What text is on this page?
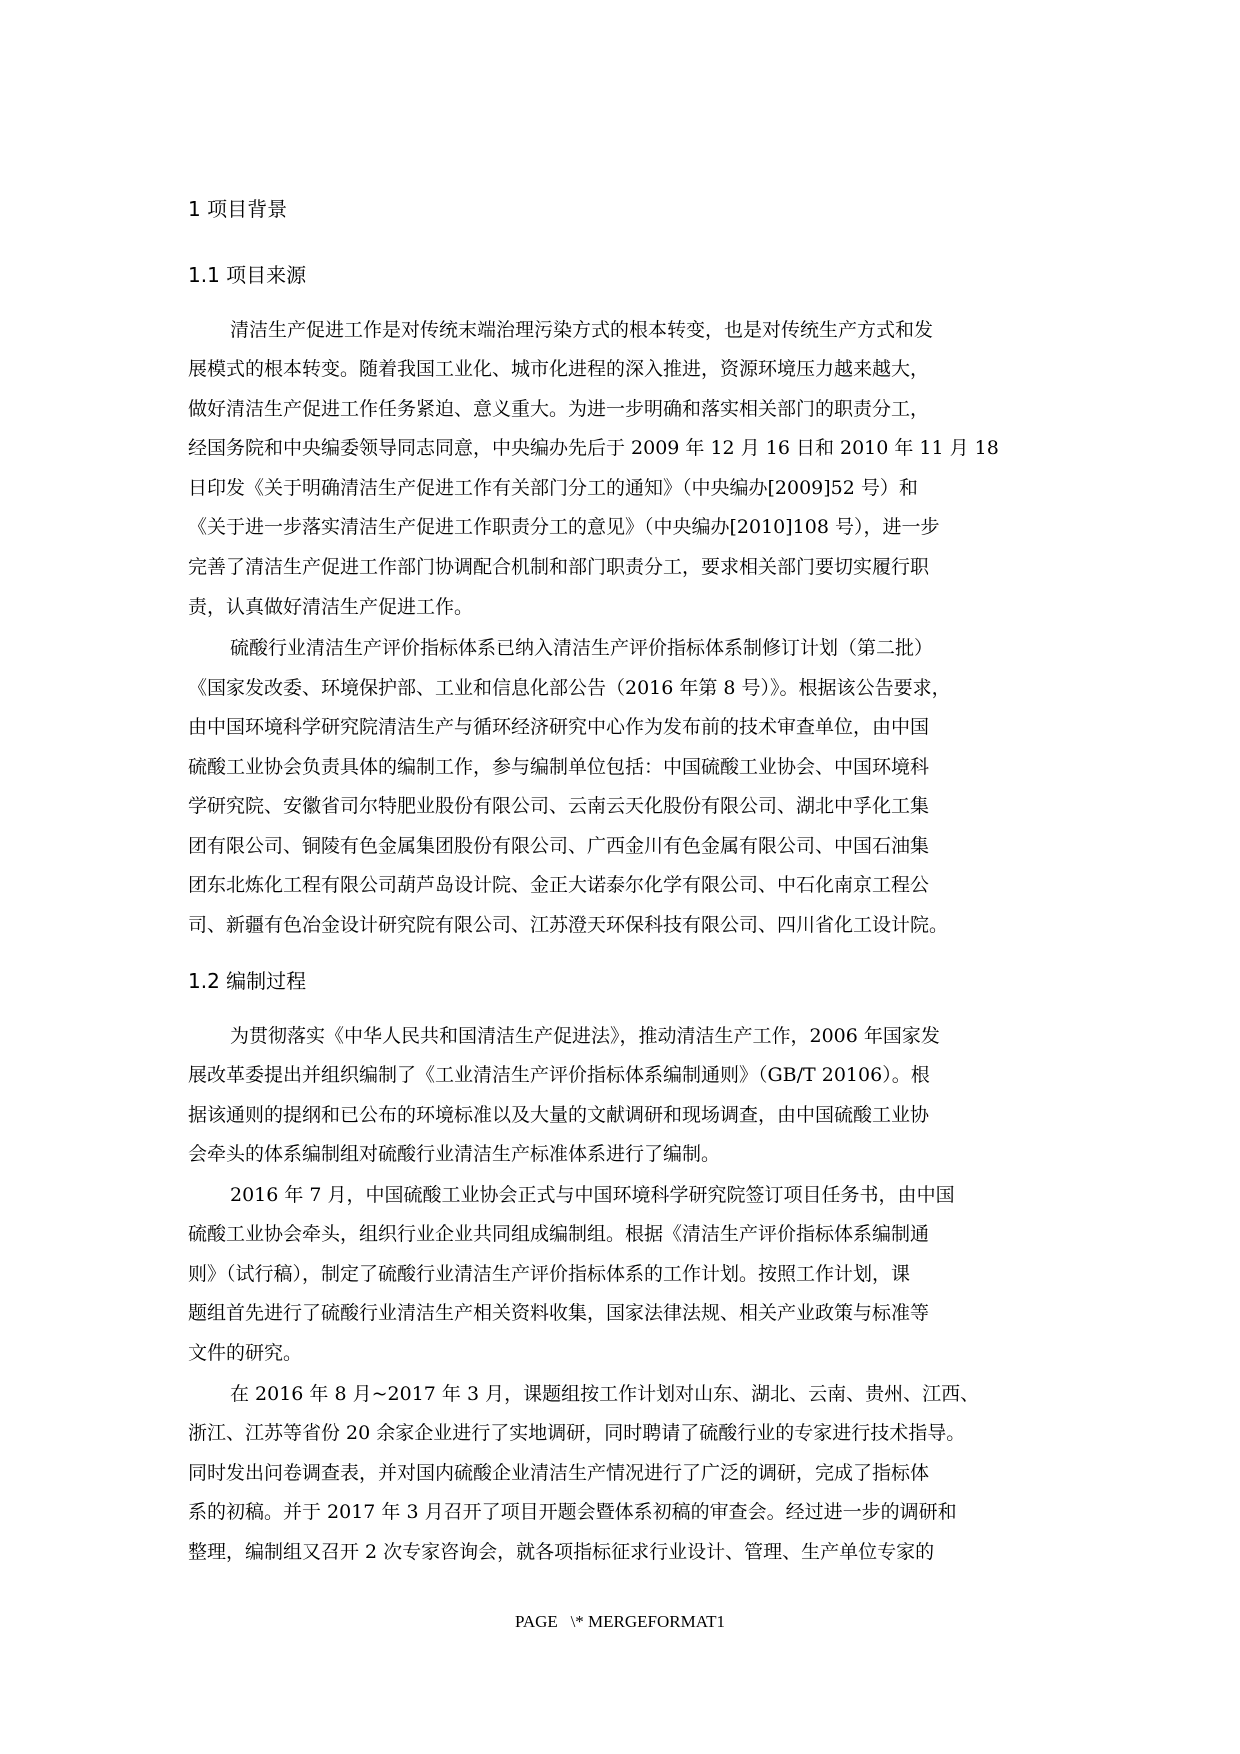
1 项目背景
1.1 项目来源
清洁生产促进工作是对传统末端治理污染方式的根本转变，也是对传统生产方式和发
展模式的根本转变。随着我国工业化、城市化进程的深入推进，资源环境压力越来越大，
做好清洁生产促进工作任务紧迫、意义重大。为进一步明确和落实相关部门的职责分工，
经国务院和中央编委领导同志同意，中央编办先后于 2009 年 12 月 16 日和 2010 年 11 月 18
日印发《关于明确清洁生产促进工作有关部门分工的通知》（中央编办[2009]52 号）和
《关于进一步落实清洁生产促进工作职责分工的意见》（中央编办[2010]108 号），进一步
完善了清洁生产促进工作部门协调配合机制和部门职责分工，要求相关部门要切实履行职
责，认真做好清洁生产促进工作。
硫酸行业清洁生产评价指标体系已纳入清洁生产评价指标体系制修订计划（第二批）
《国家发改委、环境保护部、工业和信息化部公告（2016 年第 8 号）》。根据该公告要求，
由中国环境科学研究院清洁生产与循环经济研究中心作为发布前的技术审查单位，由中国
硫酸工业协会负责具体的编制工作，参与编制单位包括：中国硫酸工业协会、中国环境科
学研究院、安徽省司尔特肥业股份有限公司、云南云天化股份有限公司、湖北中孚化工集
团有限公司、铜陵有色金属集团股份有限公司、广西金川有色金属有限公司、中国石油集
团东北炼化工程有限公司葫芦岛设计院、金正大诺泰尔化学有限公司、中石化南京工程公
司、新疆有色冶金设计研究院有限公司、江苏澄天环保科技有限公司、四川省化工设计院。
1.2 编制过程
为贯彻落实《中华人民共和国清洁生产促进法》，推动清洁生产工作，2006 年国家发
展改革委提出并组织编制了《工业清洁生产评价指标体系编制通则》（GB/T 20106）。根
据该通则的提纲和已公布的环境标准以及大量的文献调研和现场调查，由中国硫酸工业协
会牵头的体系编制组对硫酸行业清洁生产标准体系进行了编制。
2016 年 7 月，中国硫酸工业协会正式与中国环境科学研究院签订项目任务书，由中国
硫酸工业协会牵头，组织行业企业共同组成编制组。根据《清洁生产评价指标体系编制通
则》（试行稿），制定了硫酸行业清洁生产评价指标体系的工作计划。按照工作计划，课
题组首先进行了硫酸行业清洁生产相关资料收集，国家法律法规、相关产业政策与标准等
文件的研究。
在 2016 年 8 月~2017 年 3 月，课题组按工作计划对山东、湖北、云南、贵州、江西、
浙江、江苏等省份 20 余家企业进行了实地调研，同时聘请了硫酸行业的专家进行技术指导。
同时发出问卷调查表，并对国内硫酸企业清洁生产情况进行了广泛的调研，完成了指标体
系的初稿。并于 2017 年 3 月召开了项目开题会暨体系初稿的审查会。经过进一步的调研和
整理，编制组又召开 2 次专家咨询会，就各项指标征求行业设计、管理、生产单位专家的
PAGE   \* MERGEFORMAT1
